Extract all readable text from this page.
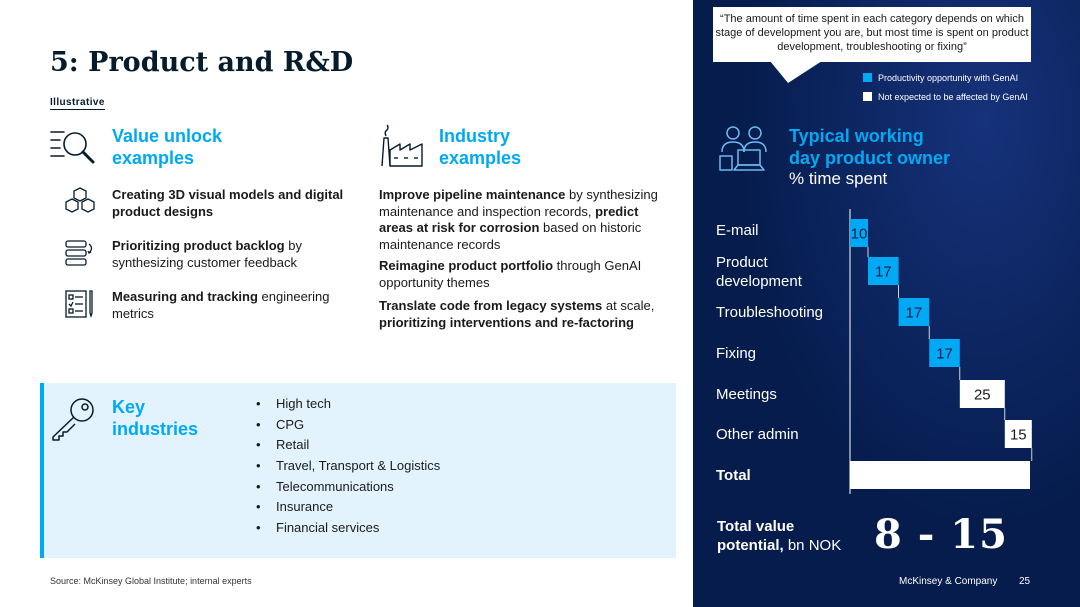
5: Product and R&D
Illustrative
Value unlock
examples
Creating 3D visual models and digital product designs
Prioritizing product backlog by synthesizing customer feedback
Measuring and tracking engineering metrics
Industry
examples
Improve pipeline maintenance by synthesizing maintenance and inspection records, predict areas at risk for corrosion based on historic maintenance records
Reimagine product portfolio through GenAI opportunity themes
Translate code from legacy systems at scale, prioritizing interventions and re-factoring
Key
industries
• High tech
• CPG
• Retail
• Travel, Transport & Logistics
• Telecommunications
• Insurance
• Financial services
Source: McKinsey Global Institute; internal experts
“The amount of time spent in each category depends on which stage of development you are, but most time is spent on product development, troubleshooting or fixing”
Productivity opportunity with GenAI
Not expected to be affected by GenAI
Typical working
day product owner
% time spent
E-mail
Product development
Troubleshooting
Fixing
Meetings
Other admin
Total
10
17
17
17
25
15
Total value
potential, bn NOK 8 - 15
McKinsey & Company 25
